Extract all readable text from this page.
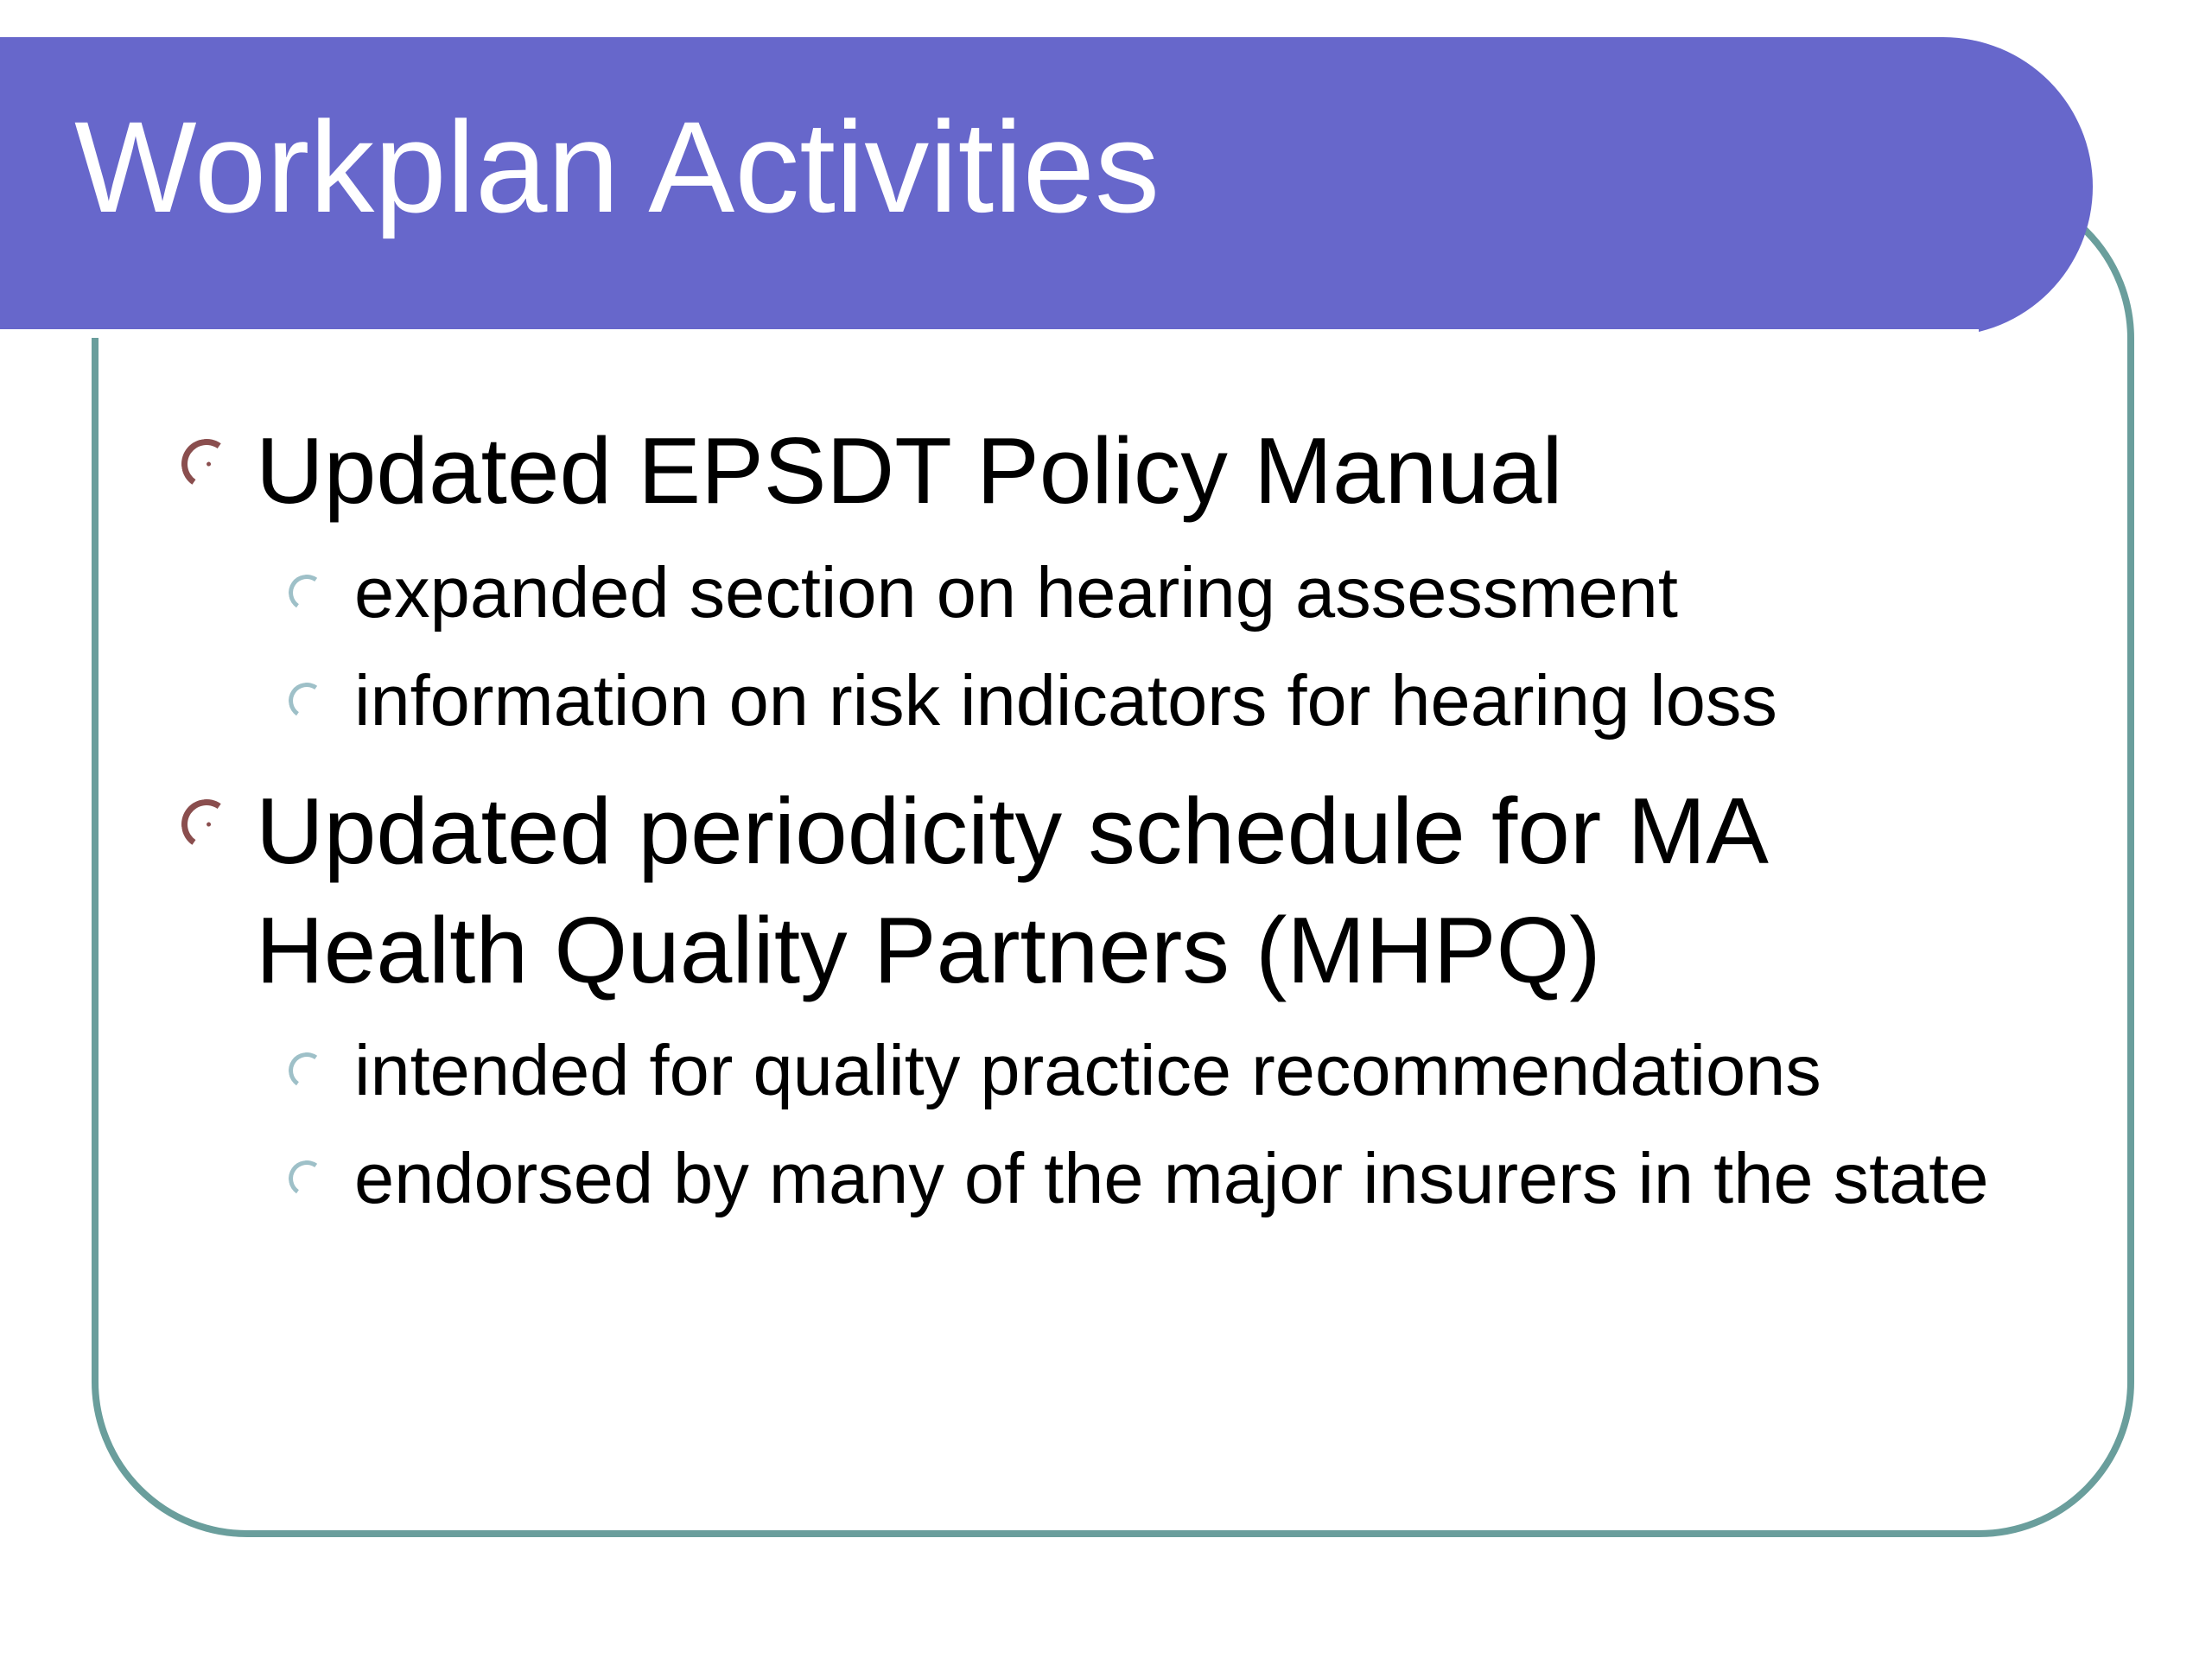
Workplan Activities

Updated EPSDT Policy Manual

expanded section on hearing assessment

information on risk indicators for hearing loss

Updated periodicity schedule for MA

Health Quality Partners (MHPQ)

intended for quality practice recommendations

endorsed by many of the major insurers in the state
